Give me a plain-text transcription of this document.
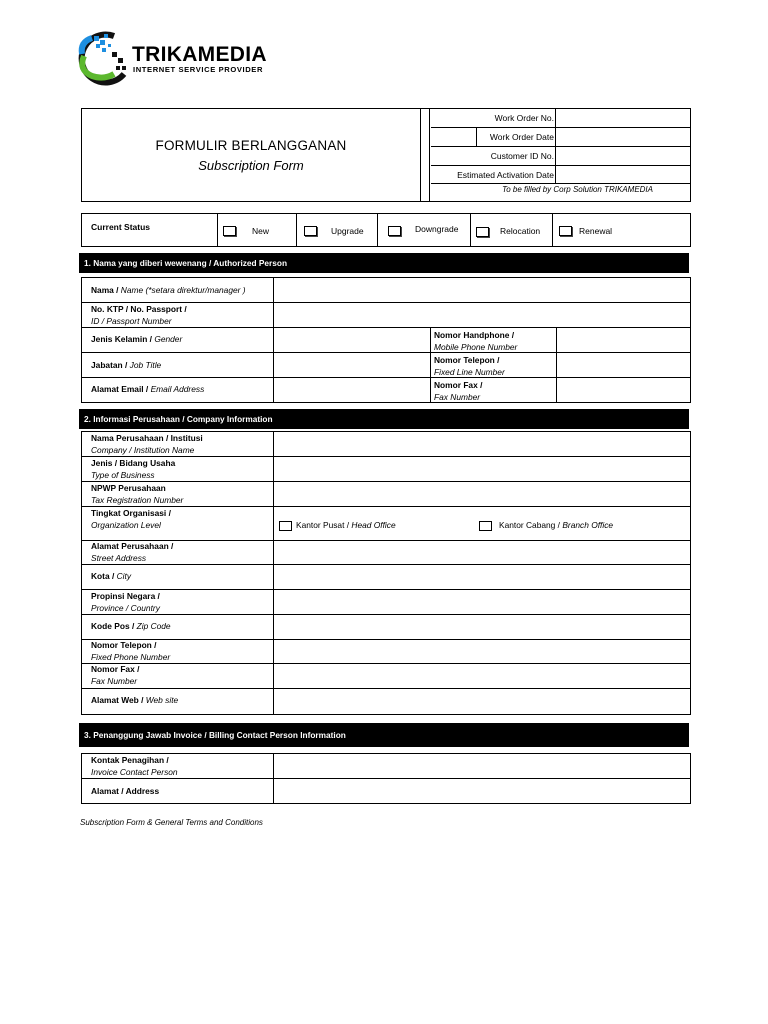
TRIKAMEDIA
INTERNET SERVICE PROVIDER
FORMULIR BERLANGGANAN
Subscription Form
Work Order No.
Work Order Date
Customer ID No.
Estimated Activation Date
To be filled by Corp Solution TRIKAMEDIA
Current Status	New	Upgrade	Downgrade	Relocation	Renewal
1. Nama yang diberi wewenang / Authorized Person
Nama / Name (*setara direktur/manager )
No. KTP / No. Passport /
ID / Passport Number
Jenis Kelamin / Gender	Nomor Handphone /
Mobile Phone Number
Jabatan / Job Title	Nomor Telepon /
Fixed Line Number
Alamat Email / Email Address	Nomor Fax /
Fax Number
2. Informasi Perusahaan / Company Information
Nama Perusahaan / Institusi
Company / Institution Name
Jenis / Bidang Usaha
Type of Business
NPWP Perusahaan
Tax Registration Number
Tingkat Organisasi /
Organization Level	Kantor Pusat / Head Office	Kantor Cabang / Branch Office
Alamat Perusahaan /
Street Address
Kota / City
Propinsi Negara /
Province / Country
Kode Pos / Zip Code
Nomor Telepon /
Fixed Phone Number
Nomor Fax /
Fax Number
Alamat Web / Web site
3. Penanggung Jawab Invoice / Billing Contact Person Information
Kontak Penagihan /
Invoice Contact Person
Alamat / Address
Subscription Form & General Terms and Conditions
